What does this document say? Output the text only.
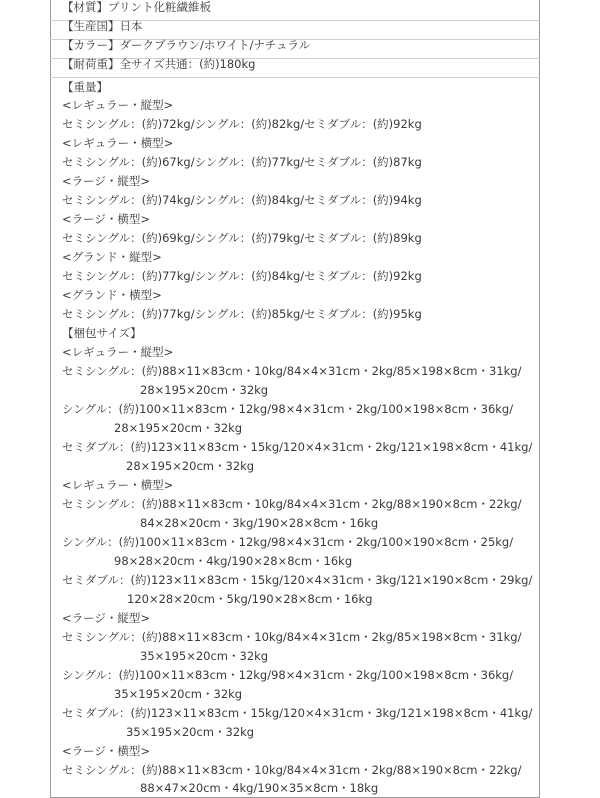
【材質】プリント化粧繊維板
【生産国】日本
【カラー】ダークブラウン/ホワイト/ナチュラル
【耐荷重】全サイズ共通：(約)180kg
【重量】
<レギュラー・縦型>
セミシングル：(約)72kg/シングル：(約)82kg/セミダブル：(約)92kg
<レギュラー・横型>
セミシングル：(約)67kg/シングル：(約)77kg/セミダブル：(約)87kg
<ラージ・縦型>
セミシングル：(約)74kg/シングル：(約)84kg/セミダブル：(約)94kg
<ラージ・横型>
セミシングル：(約)69kg/シングル：(約)79kg/セミダブル：(約)89kg
<グランド・縦型>
セミシングル：(約)77kg/シングル：(約)84kg/セミダブル：(約)92kg
<グランド・横型>
セミシングル：(約)77kg/シングル：(約)85kg/セミダブル：(約)95kg
【梱包サイズ】
<レギュラー・縦型>
セミシングル：(約)88×11×83cm・10kg/84×4×31cm・2kg/85×198×8cm・31kg/
28×195×20cm・32kg
シングル：(約)100×11×83cm・12kg/98×4×31cm・2kg/100×198×8cm・36kg/
28×195×20cm・32kg
セミダブル：(約)123×11×83cm・15kg/120×4×31cm・2kg/121×198×8cm・41kg/
28×195×20cm・32kg
<レギュラー・横型>
セミシングル：(約)88×11×83cm・10kg/84×4×31cm・2kg/88×190×8cm・22kg/
84×28×20cm・3kg/190×28×8cm・16kg
シングル：(約)100×11×83cm・12kg/98×4×31cm・2kg/100×190×8cm・25kg/
98×28×20cm・4kg/190×28×8cm・16kg
セミダブル：(約)123×11×83cm・15kg/120×4×31cm・3kg/121×190×8cm・29kg/
120×28×20cm・5kg/190×28×8cm・16kg
<ラージ・縦型>
セミシングル：(約)88×11×83cm・10kg/84×4×31cm・2kg/85×198×8cm・31kg/
35×195×20cm・32kg
シングル：(約)100×11×83cm・12kg/98×4×31cm・2kg/100×198×8cm・36kg/
35×195×20cm・32kg
セミダブル：(約)123×11×83cm・15kg/120×4×31cm・3kg/121×198×8cm・41kg/
35×195×20cm・32kg
<ラージ・横型>
セミシングル：(約)88×11×83cm・10kg/84×4×31cm・2kg/88×190×8cm・22kg/
88×47×20cm・4kg/190×35×8cm・18kg
